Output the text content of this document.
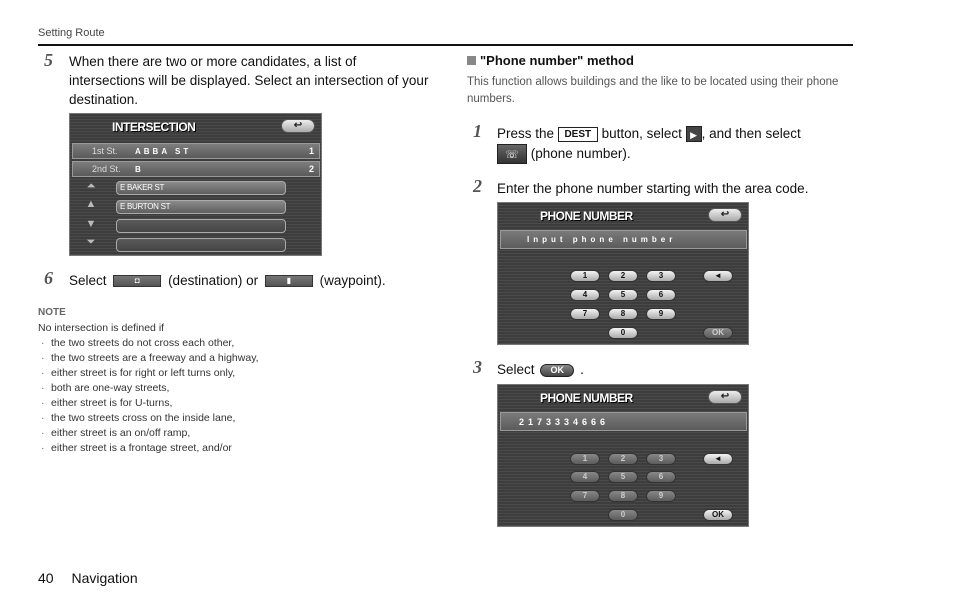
Setting Route
5 When there are two or more candidates, a list of intersections will be displayed. Select an intersection of your destination.
INTERSECTION	↩
1st St. ABBA ST	1
2nd St. B	2
⏶
▲
▼
⏷
E BAKER ST
E BURTON ST
6 Select	◘ (destination) or	▮ (waypoint).
NOTE
No intersection is defined if
· the two streets do not cross each other,
· the two streets are a freeway and a highway,
· either street is for right or left turns only,
· both are one-way streets,
· either street is for U-turns,
· the two streets cross on the inside lane,
· either street is an on/off ramp,
· either street is a frontage street, and/or
"Phone number" method
This function allows buildings and the like to be located using their phone numbers.
1 Press the DEST button, select ▶ , and then select
☏ (phone number).
2 Enter the phone number starting with the area code.
PHONE NUMBER	↩
Input phone number
1	2	3	◄
4	5	6
7	8	9
0	OK
3 Select OK .
PHONE NUMBER	↩
2173334666
1	2	3	◄
4	5	6
7	8	9
0	OK
40 Navigation
